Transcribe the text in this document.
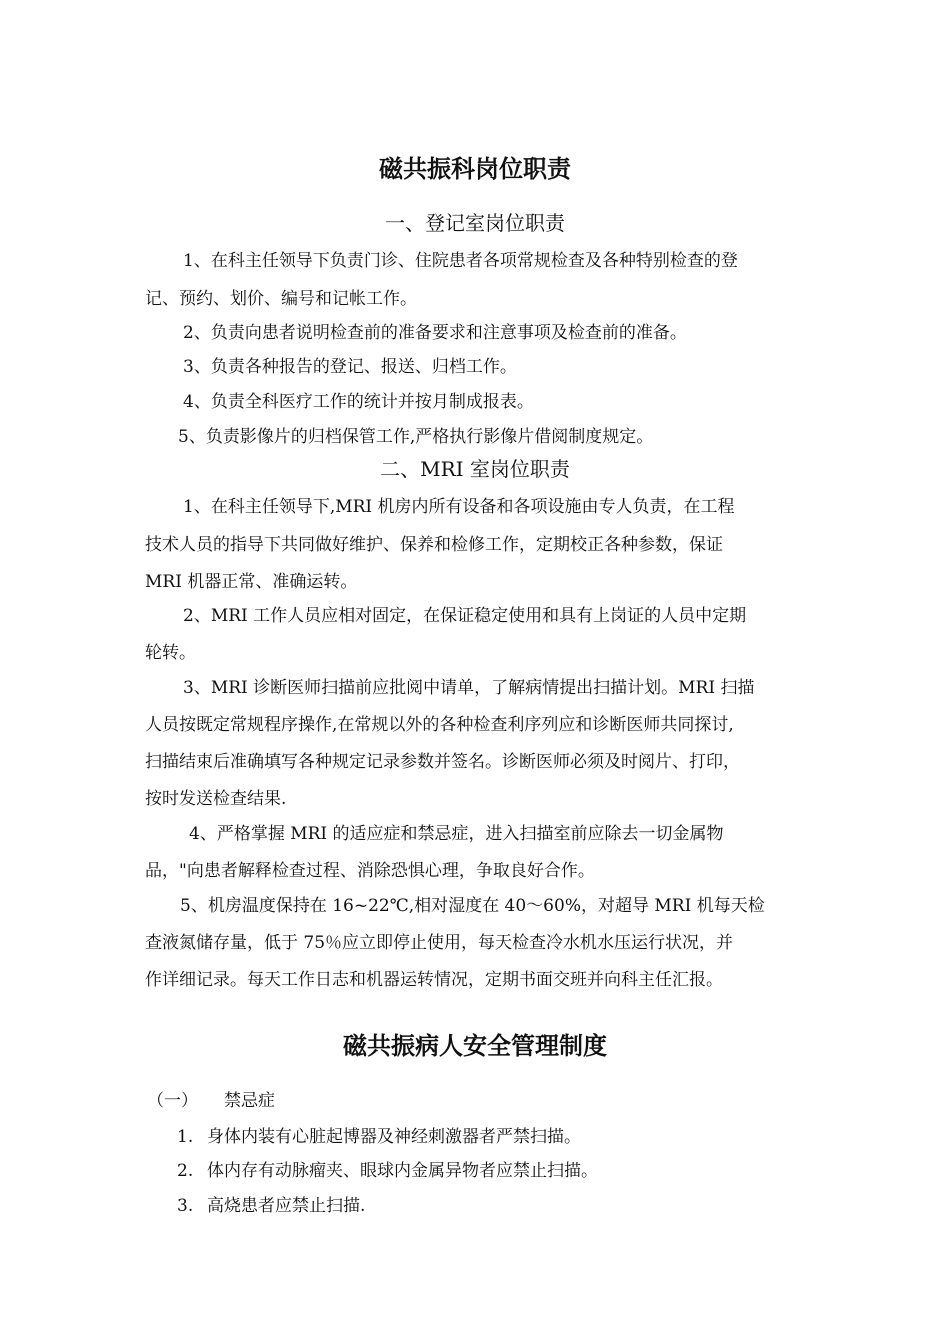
磁共振科岗位职责
一、登记室岗位职责
1、在科主任领导下负责门诊、住院患者各项常规检查及各种特别检查的登
记、预约、划价、编号和记帐工作。
2、负责向患者说明检查前的准备要求和注意事项及检查前的准备。
3、负责各种报告的登记、报送、归档工作。
4、负责全科医疗工作的统计并按月制成报表。
5、负责影像片的归档保管工作,严格执行影像片借阅制度规定。
二、MRI 室岗位职责
1、在科主任领导下,MRI 机房内所有设备和各项设施由专人负责，在工程
技术人员的指导下共同做好维护、保养和检修工作，定期校正各种参数，保证
MRI 机器正常、准确运转。
2、MRI 工作人员应相对固定，在保证稳定使用和具有上岗证的人员中定期
轮转。
3、MRI 诊断医师扫描前应批阅中请单，了解病情提出扫描计划。MRI 扫描
人员按既定常规程序操作,在常规以外的各种检查利序列应和诊断医师共同探讨,
扫描结束后准确填写各种规定记录参数并签名。诊断医师必须及时阅片、打印，
按时发送检查结果.
4、严格掌握 MRI 的适应症和禁忌症，进入扫描室前应除去一切金属物
品，"向患者解释检查过程、消除恐惧心理，争取良好合作。
5、机房温度保持在 16~22℃,相对湿度在 40～60%，对超导 MRI 机每天检
查液氮储存量，低于 75％应立即停止使用，每天检查冷水机水压运行状况，并
作详细记录。每天工作日志和机器运转情况，定期书面交班并向科主任汇报。
磁共振病人安全管理制度
（一） 禁忌症
1. 身体内装有心脏起博器及神经刺激器者严禁扫描。
2. 体内存有动脉瘤夹、眼球内金属异物者应禁止扫描。
3. 高烧患者应禁止扫描.
